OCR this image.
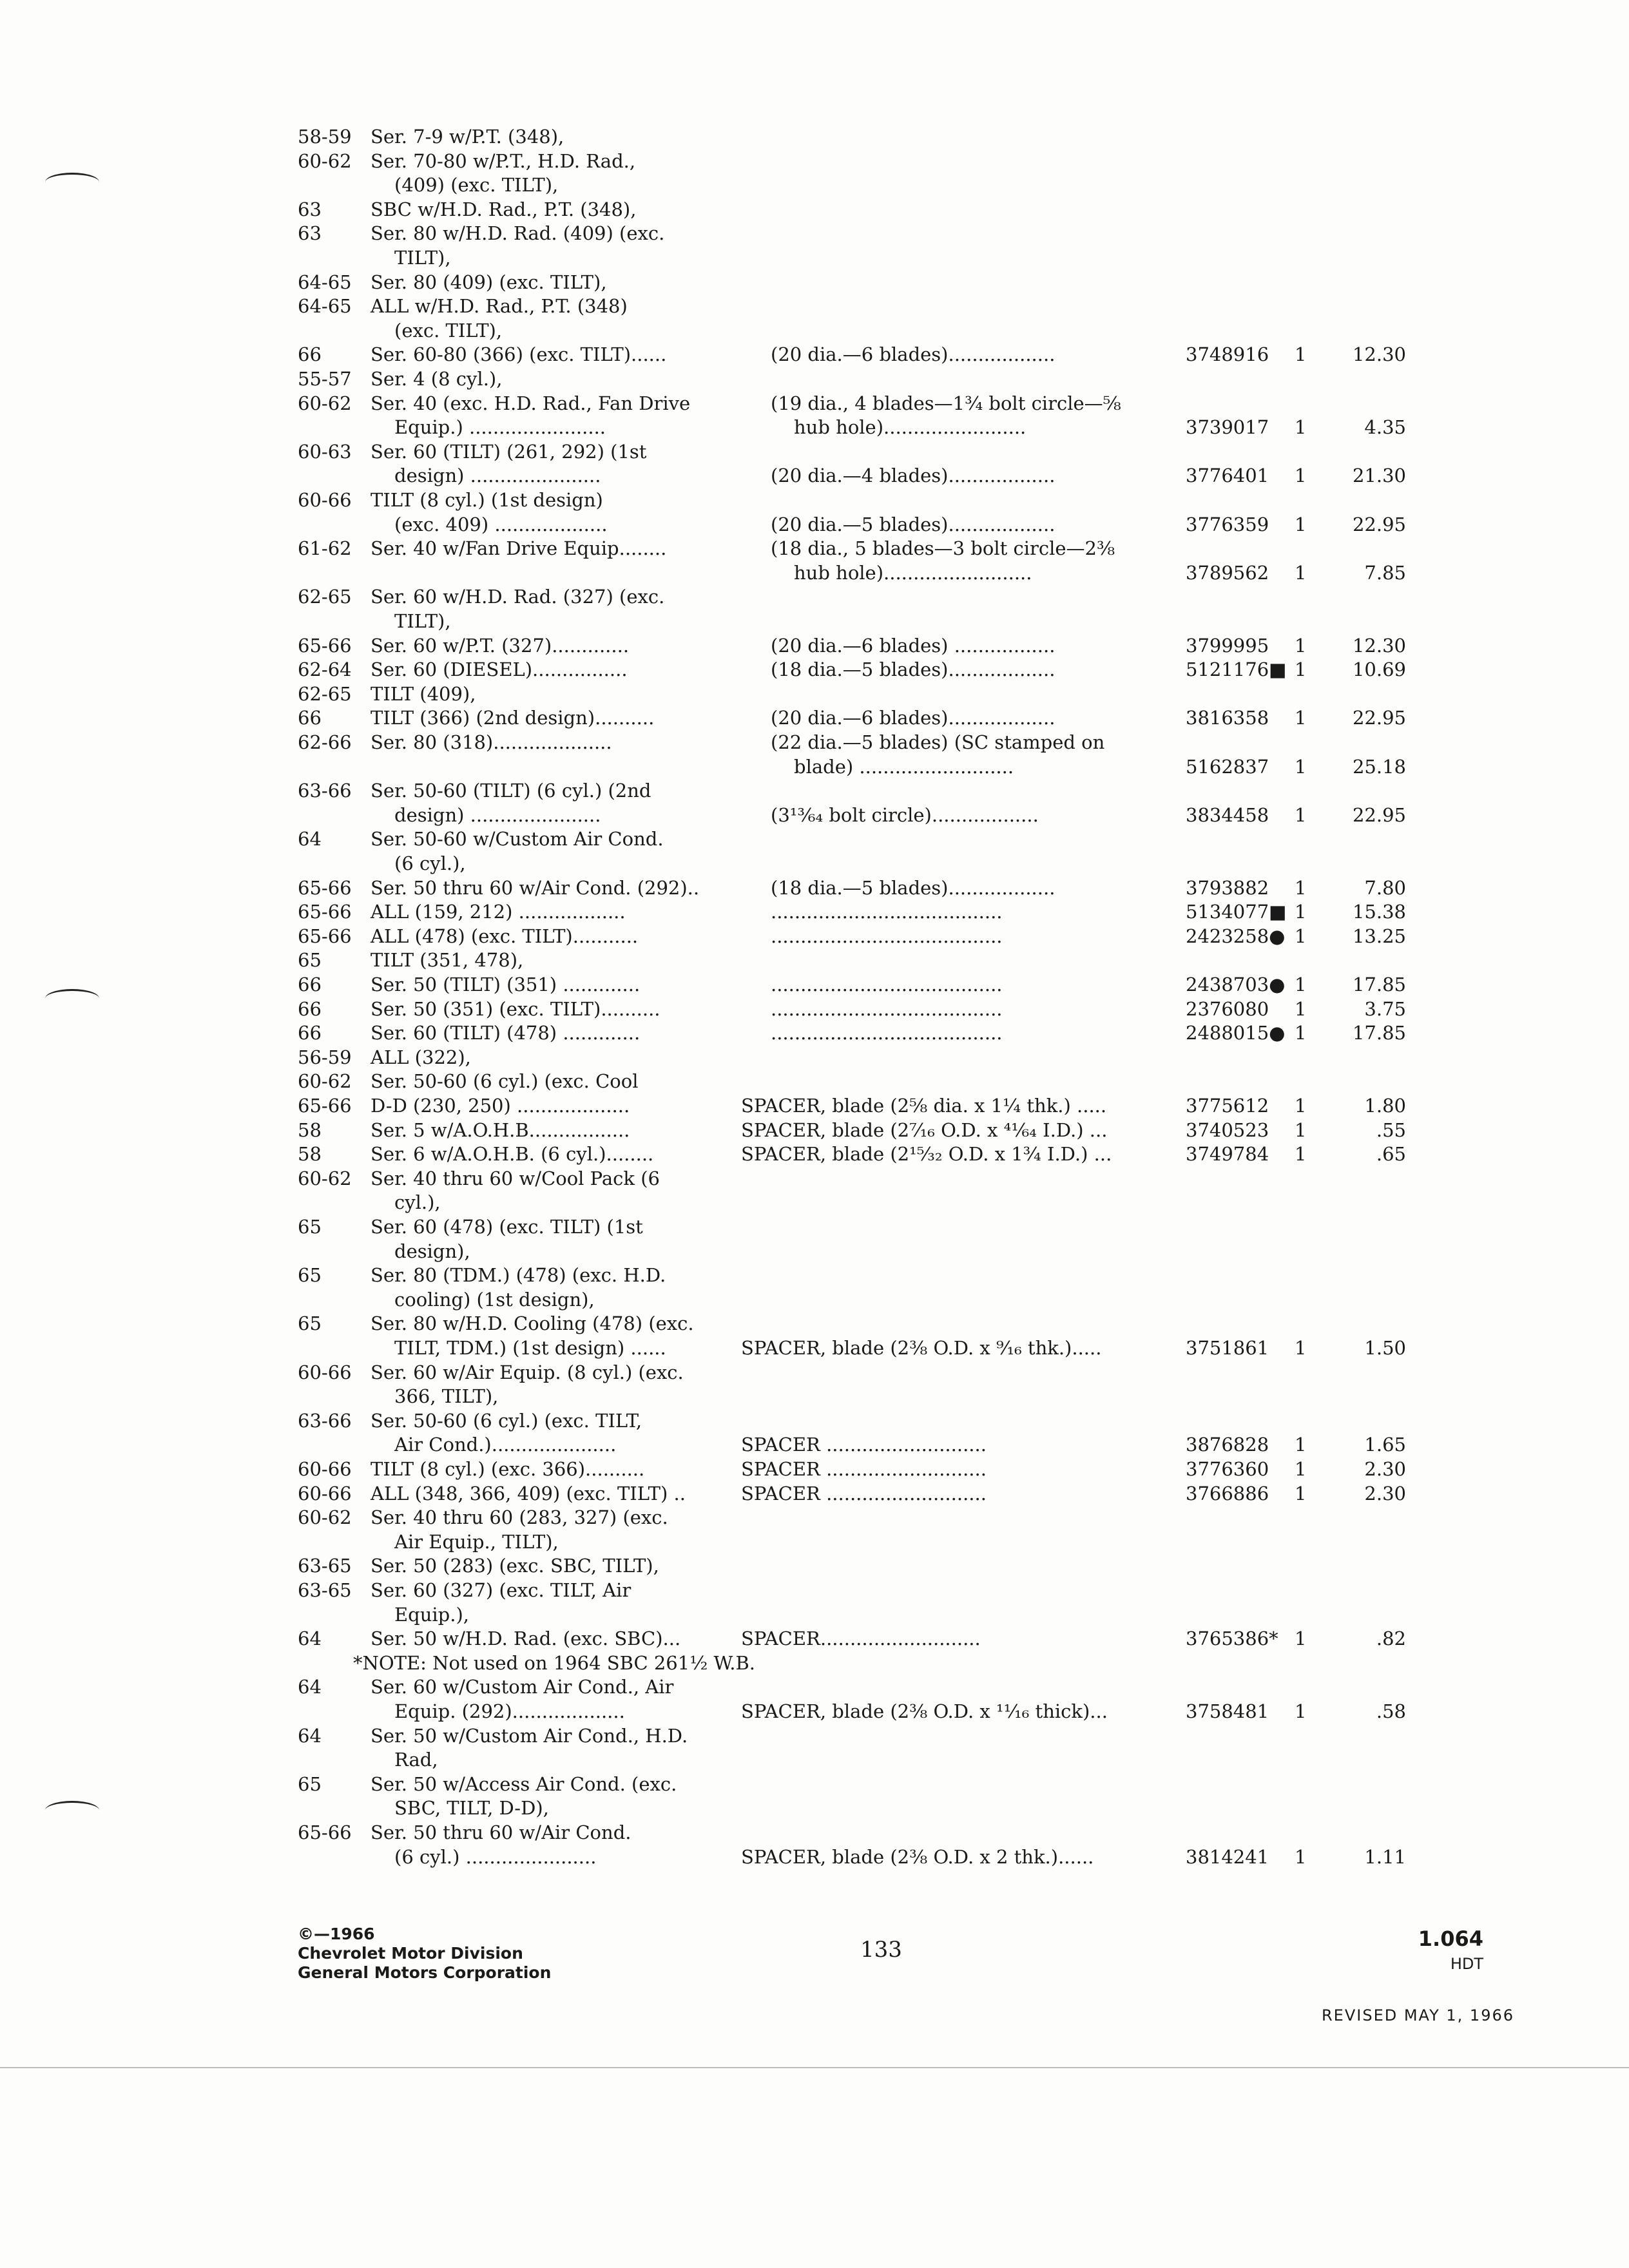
58-59 Ser. 7-9 w/P.T. (348),
60-62 Ser. 70-80 w/P.T., H.D. Rad.,
(409) (exc. TILT),
63	SBC w/H.D. Rad., P.T. (348),
63	Ser. 80 w/H.D. Rad. (409) (exc.
TILT),
64-65 Ser. 80 (409) (exc. TILT),
64-65 ALL w/H.D. Rad., P.T. (348)
(exc. TILT),
66	Ser. 60-80 (366) (exc. TILT)......	(20 dia.—6 blades)..................	3748916 1	12.30
55-57 Ser. 4 (8 cyl.),
60-62 Ser. 40 (exc. H.D. Rad., Fan Drive	(19 dia., 4 blades—1¾ bolt circle—⅝
Equip.) .......................	hub hole)........................	3739017 1	4.35
60-63 Ser. 60 (TILT) (261, 292) (1st
design) ......................	(20 dia.—4 blades)..................	3776401 1	21.30
60-66 TILT (8 cyl.) (1st design)
(exc. 409) ...................	(20 dia.—5 blades)..................	3776359 1	22.95
61-62 Ser. 40 w/Fan Drive Equip........	(18 dia., 5 blades—3 bolt circle—2⅜
hub hole).........................	3789562 1	7.85
62-65 Ser. 60 w/H.D. Rad. (327) (exc.
TILT),
65-66 Ser. 60 w/P.T. (327).............	(20 dia.—6 blades) .................	3799995 1	12.30
62-64 Ser. 60 (DIESEL)................	(18 dia.—5 blades)..................	5121176■ 1	10.69
62-65 TILT (409),
66	TILT (366) (2nd design)..........	(20 dia.—6 blades)..................	3816358 1	22.95
62-66 Ser. 80 (318)....................	(22 dia.—5 blades) (SC stamped on
blade) ..........................	5162837 1	25.18
63-66 Ser. 50-60 (TILT) (6 cyl.) (2nd
design) ......................	(3¹³⁄₆₄ bolt circle)..................	3834458 1	22.95
64	Ser. 50-60 w/Custom Air Cond.
(6 cyl.),
65-66 Ser. 50 thru 60 w/Air Cond. (292)..	(18 dia.—5 blades)..................	3793882 1	7.80
65-66 ALL (159, 212) ..................	.......................................	5134077■ 1	15.38
65-66 ALL (478) (exc. TILT)...........	.......................................	2423258● 1	13.25
65	TILT (351, 478),
66	Ser. 50 (TILT) (351) .............	.......................................	2438703● 1	17.85
66	Ser. 50 (351) (exc. TILT)..........	.......................................	2376080 1	3.75
66	Ser. 60 (TILT) (478) .............	.......................................	2488015● 1	17.85
56-59 ALL (322),
60-62 Ser. 50-60 (6 cyl.) (exc. Cool
65-66 D-D (230, 250) ...................	SPACER, blade (2⅝ dia. x 1¼ thk.) .....	3775612 1	1.80
58	Ser. 5 w/A.O.H.B.................	SPACER, blade (2⁷⁄₁₆ O.D. x ⁴¹⁄₆₄ I.D.) ...	3740523 1	.55
58	Ser. 6 w/A.O.H.B. (6 cyl.)........	SPACER, blade (2¹⁵⁄₃₂ O.D. x 1¾ I.D.) ...	3749784 1	.65
60-62 Ser. 40 thru 60 w/Cool Pack (6
cyl.),
65	Ser. 60 (478) (exc. TILT) (1st
design),
65	Ser. 80 (TDM.) (478) (exc. H.D.
cooling) (1st design),
65	Ser. 80 w/H.D. Cooling (478) (exc.
TILT, TDM.) (1st design) ......	SPACER, blade (2⅜ O.D. x ⁹⁄₁₆ thk.).....	3751861 1	1.50
60-66 Ser. 60 w/Air Equip. (8 cyl.) (exc.
366, TILT),
63-66 Ser. 50-60 (6 cyl.) (exc. TILT,
Air Cond.).....................	SPACER ...........................	3876828 1	1.65
60-66 TILT (8 cyl.) (exc. 366)..........	SPACER ...........................	3776360 1	2.30
60-66 ALL (348, 366, 409) (exc. TILT) ..	SPACER ...........................	3766886 1	2.30
60-62 Ser. 40 thru 60 (283, 327) (exc.
Air Equip., TILT),
63-65 Ser. 50 (283) (exc. SBC, TILT),
63-65 Ser. 60 (327) (exc. TILT, Air
Equip.),
64	Ser. 50 w/H.D. Rad. (exc. SBC)...	SPACER...........................	3765386* 1	.82
*NOTE: Not used on 1964 SBC 261½ W.B.
64	Ser. 60 w/Custom Air Cond., Air
Equip. (292)...................	SPACER, blade (2⅜ O.D. x ¹¹⁄₁₆ thick)...	3758481 1	.58
64	Ser. 50 w/Custom Air Cond., H.D.
Rad,
65	Ser. 50 w/Access Air Cond. (exc.
SBC, TILT, D-D),
65-66 Ser. 50 thru 60 w/Air Cond.
(6 cyl.) ......................	SPACER, blade (2⅜ O.D. x 2 thk.)......	3814241 1	1.11
©—1966
Chevrolet Motor Division
General Motors Corporation
133	1.064
HDT
REVISED MAY 1, 1966
